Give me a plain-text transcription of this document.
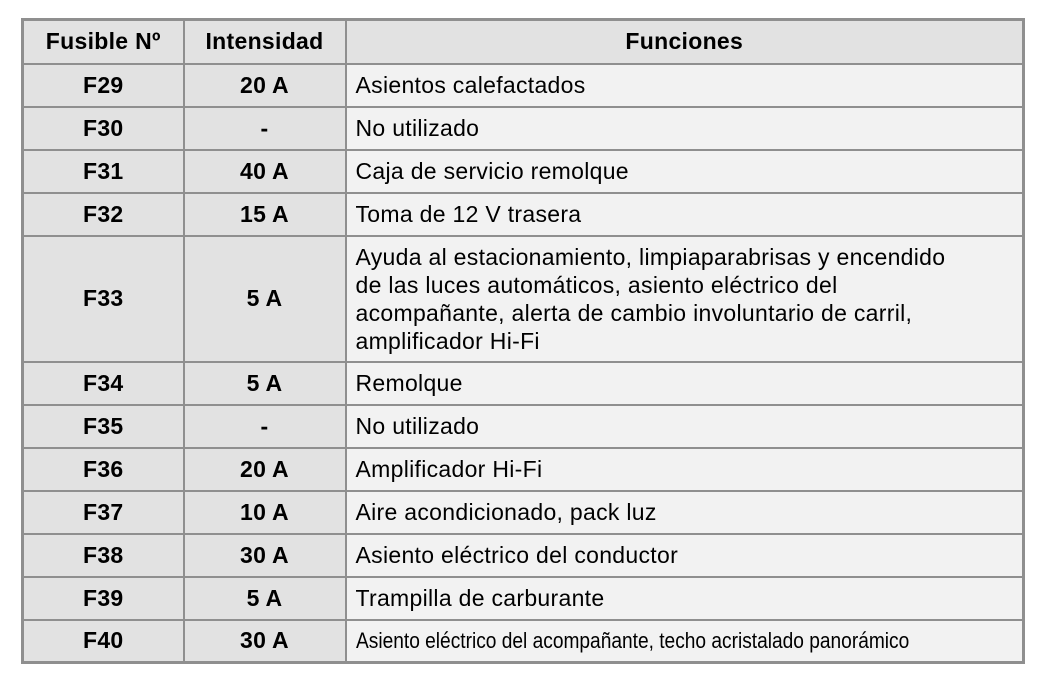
Fusible Nº	Intensidad	Funciones
F29	20 A	Asientos calefactados

F30	-	No utilizado

F31	40 A	Caja de servicio remolque

F32	15 A	Toma de 12 V trasera

F33	5 A	Ayuda al estacionamiento, limpiaparabrisas y encendido de las luces automáticos, asiento eléctrico del acompañante, alerta de cambio involuntario de carril, amplificador Hi-Fi

F34	5 A	Remolque

F35	-	No utilizado

F36	20 A	Amplificador Hi-Fi

F37	10 A	Aire acondicionado, pack luz

F38	30 A	Asiento eléctrico del conductor

F39	5 A	Trampilla de carburante

F40	30 A	Asiento eléctrico del acompañante, techo acristalado panorámico
